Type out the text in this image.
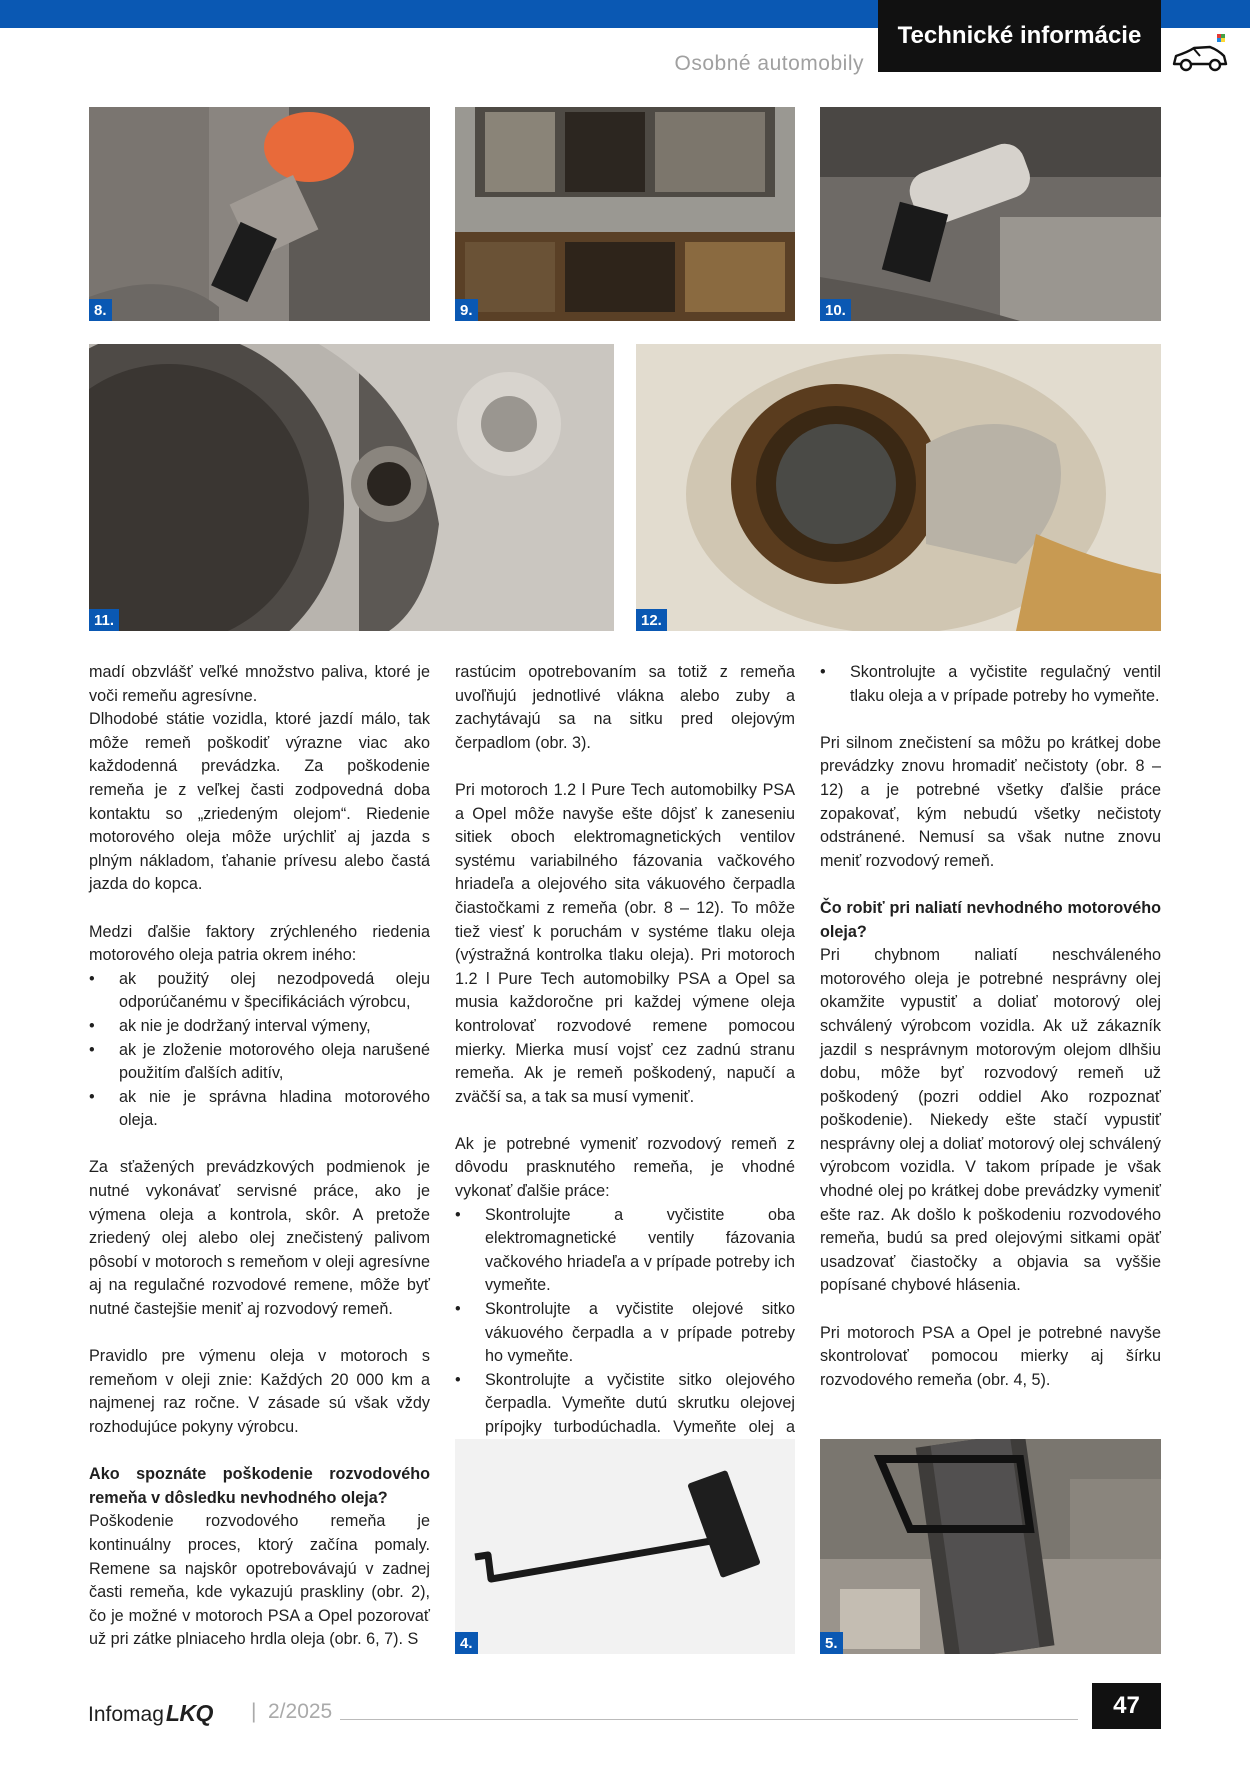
Technické informácie
Osobné automobily
8.	9.	10.
11.	12.

madí obzvlášť veľké množstvo paliva, ktoré je voči remeňu agresívne.

Dlhodobé státie vozidla, ktoré jazdí málo, tak môže remeň poškodiť výrazne viac ako každodenná prevádzka. Za poškodenie remeňa je z veľkej časti zodpovedná doba kontaktu so „zriedeným olejom“. Riedenie motorového oleja môže urýchliť aj jazda s plným nákladom, ťahanie prívesu alebo častá jazda do kopca.

Medzi ďalšie faktory zrýchleného riedenia motorového oleja patria okrem iného:

• ak použitý olej nezodpovedá oleju odporúčanému v špecifikáciách výrobcu,
• ak nie je dodržaný interval výmeny,
• ak je zloženie motorového oleja narušené použitím ďalších aditív,
• ak nie je správna hladina motorového oleja.

Za sťažených prevádzkových podmienok je nutné vykonávať servisné práce, ako je výmena oleja a kontrola, skôr. A pretože zriedený olej alebo olej znečistený palivom pôsobí v motoroch s remeňom v oleji agresívne aj na regulačné rozvodové remene, môže byť nutné častejšie meniť aj rozvodový remeň.

Pravidlo pre výmenu oleja v motoroch s remeňom v oleji znie: Každých 20 000 km a najmenej raz ročne. V zásade sú však vždy rozhodujúce pokyny výrobcu.

Ako spoznáte poškodenie rozvodového remeňa v dôsledku nevhodného oleja?

Poškodenie rozvodového remeňa je kontinuálny proces, ktorý začína pomaly. Remene sa najskôr opotrebovávajú v zadnej časti remeňa, kde vykazujú praskliny (obr. 2), čo je možné v motoroch PSA a Opel pozorovať už pri zátke plniaceho hrdla oleja (obr. 6, 7). S

rastúcim opotrebovaním sa totiž z remeňa uvoľňujú jednotlivé vlákna alebo zuby a zachytávajú sa na sitku pred olejovým čerpadlom (obr. 3).

Pri motoroch 1.2 l Pure Tech automobilky PSA a Opel môže navyše ešte dôjsť k zaneseniu sitiek oboch elektromagnetických ventilov systému variabilného fázovania vačkového hriadeľa a olejového sita vákuového čerpadla čiastočkami z remeňa (obr. 8 – 12). To môže tiež viesť k poruchám v systéme tlaku oleja (výstražná kontrolka tlaku oleja). Pri motoroch 1.2 l Pure Tech automobilky PSA a Opel sa musia každoročne pri každej výmene oleja kontrolovať rozvodové remene pomocou mierky. Mierka musí vojsť cez zadnú stranu remeňa. Ak je remeň poškodený, napučí a zväčší sa, a tak sa musí vymeniť.

Ak je potrebné vymeniť rozvodový remeň z dôvodu prasknutého remeňa, je vhodné vykonať ďalšie práce:

• Skontrolujte a vyčistite oba elektromagnetické ventily fázovania vačkového hriadeľa a v prípade potreby ich vymeňte.
• Skontrolujte a vyčistite olejové sitko vákuového čerpadla a v prípade potreby ho vymeňte.
• Skontrolujte a vyčistite sitko olejového čerpadla. Vymeňte dutú skrutku olejovej prípojky turbodúchadla. Vymeňte olej a
• Skontrolujte a vyčistite regulačný ventil tlaku oleja a v prípade potreby ho vymeňte.

Pri silnom znečistení sa môžu po krátkej dobe prevádzky znovu hromadiť nečistoty (obr. 8 – 12) a je potrebné všetky ďalšie práce zopakovať, kým nebudú všetky nečistoty odstránené. Nemusí sa však nutne znovu meniť rozvodový remeň.

Čo robiť pri naliatí nevhodného motorového oleja?

Pri chybnom naliatí neschváleného motorového oleja je potrebné nesprávny olej okamžite vypustiť a doliať motorový olej schválený výrobcom vozidla. Ak už zákazník jazdil s nesprávnym motorovým olejom dlhšiu dobu, môže byť rozvodový remeň už poškodený (pozri oddiel Ako rozpoznať poškodenie). Niekedy ešte stačí vypustiť nesprávny olej a doliať motorový olej schválený výrobcom vozidla. V takom prípade je však vhodné olej po krátkej dobe prevádzky vymeniť ešte raz. Ak došlo k poškodeniu rozvodového remeňa, budú sa pred olejovými sitkami opäť usadzovať čiastočky a objavia sa vyššie popísané chybové hlásenia.

Pri motoroch PSA a Opel je potrebné navyše skontrolovať pomocou mierky aj šírku rozvodového remeňa (obr. 4, 5).

4.	5.
Infomag LKQ | 2/2025	47
